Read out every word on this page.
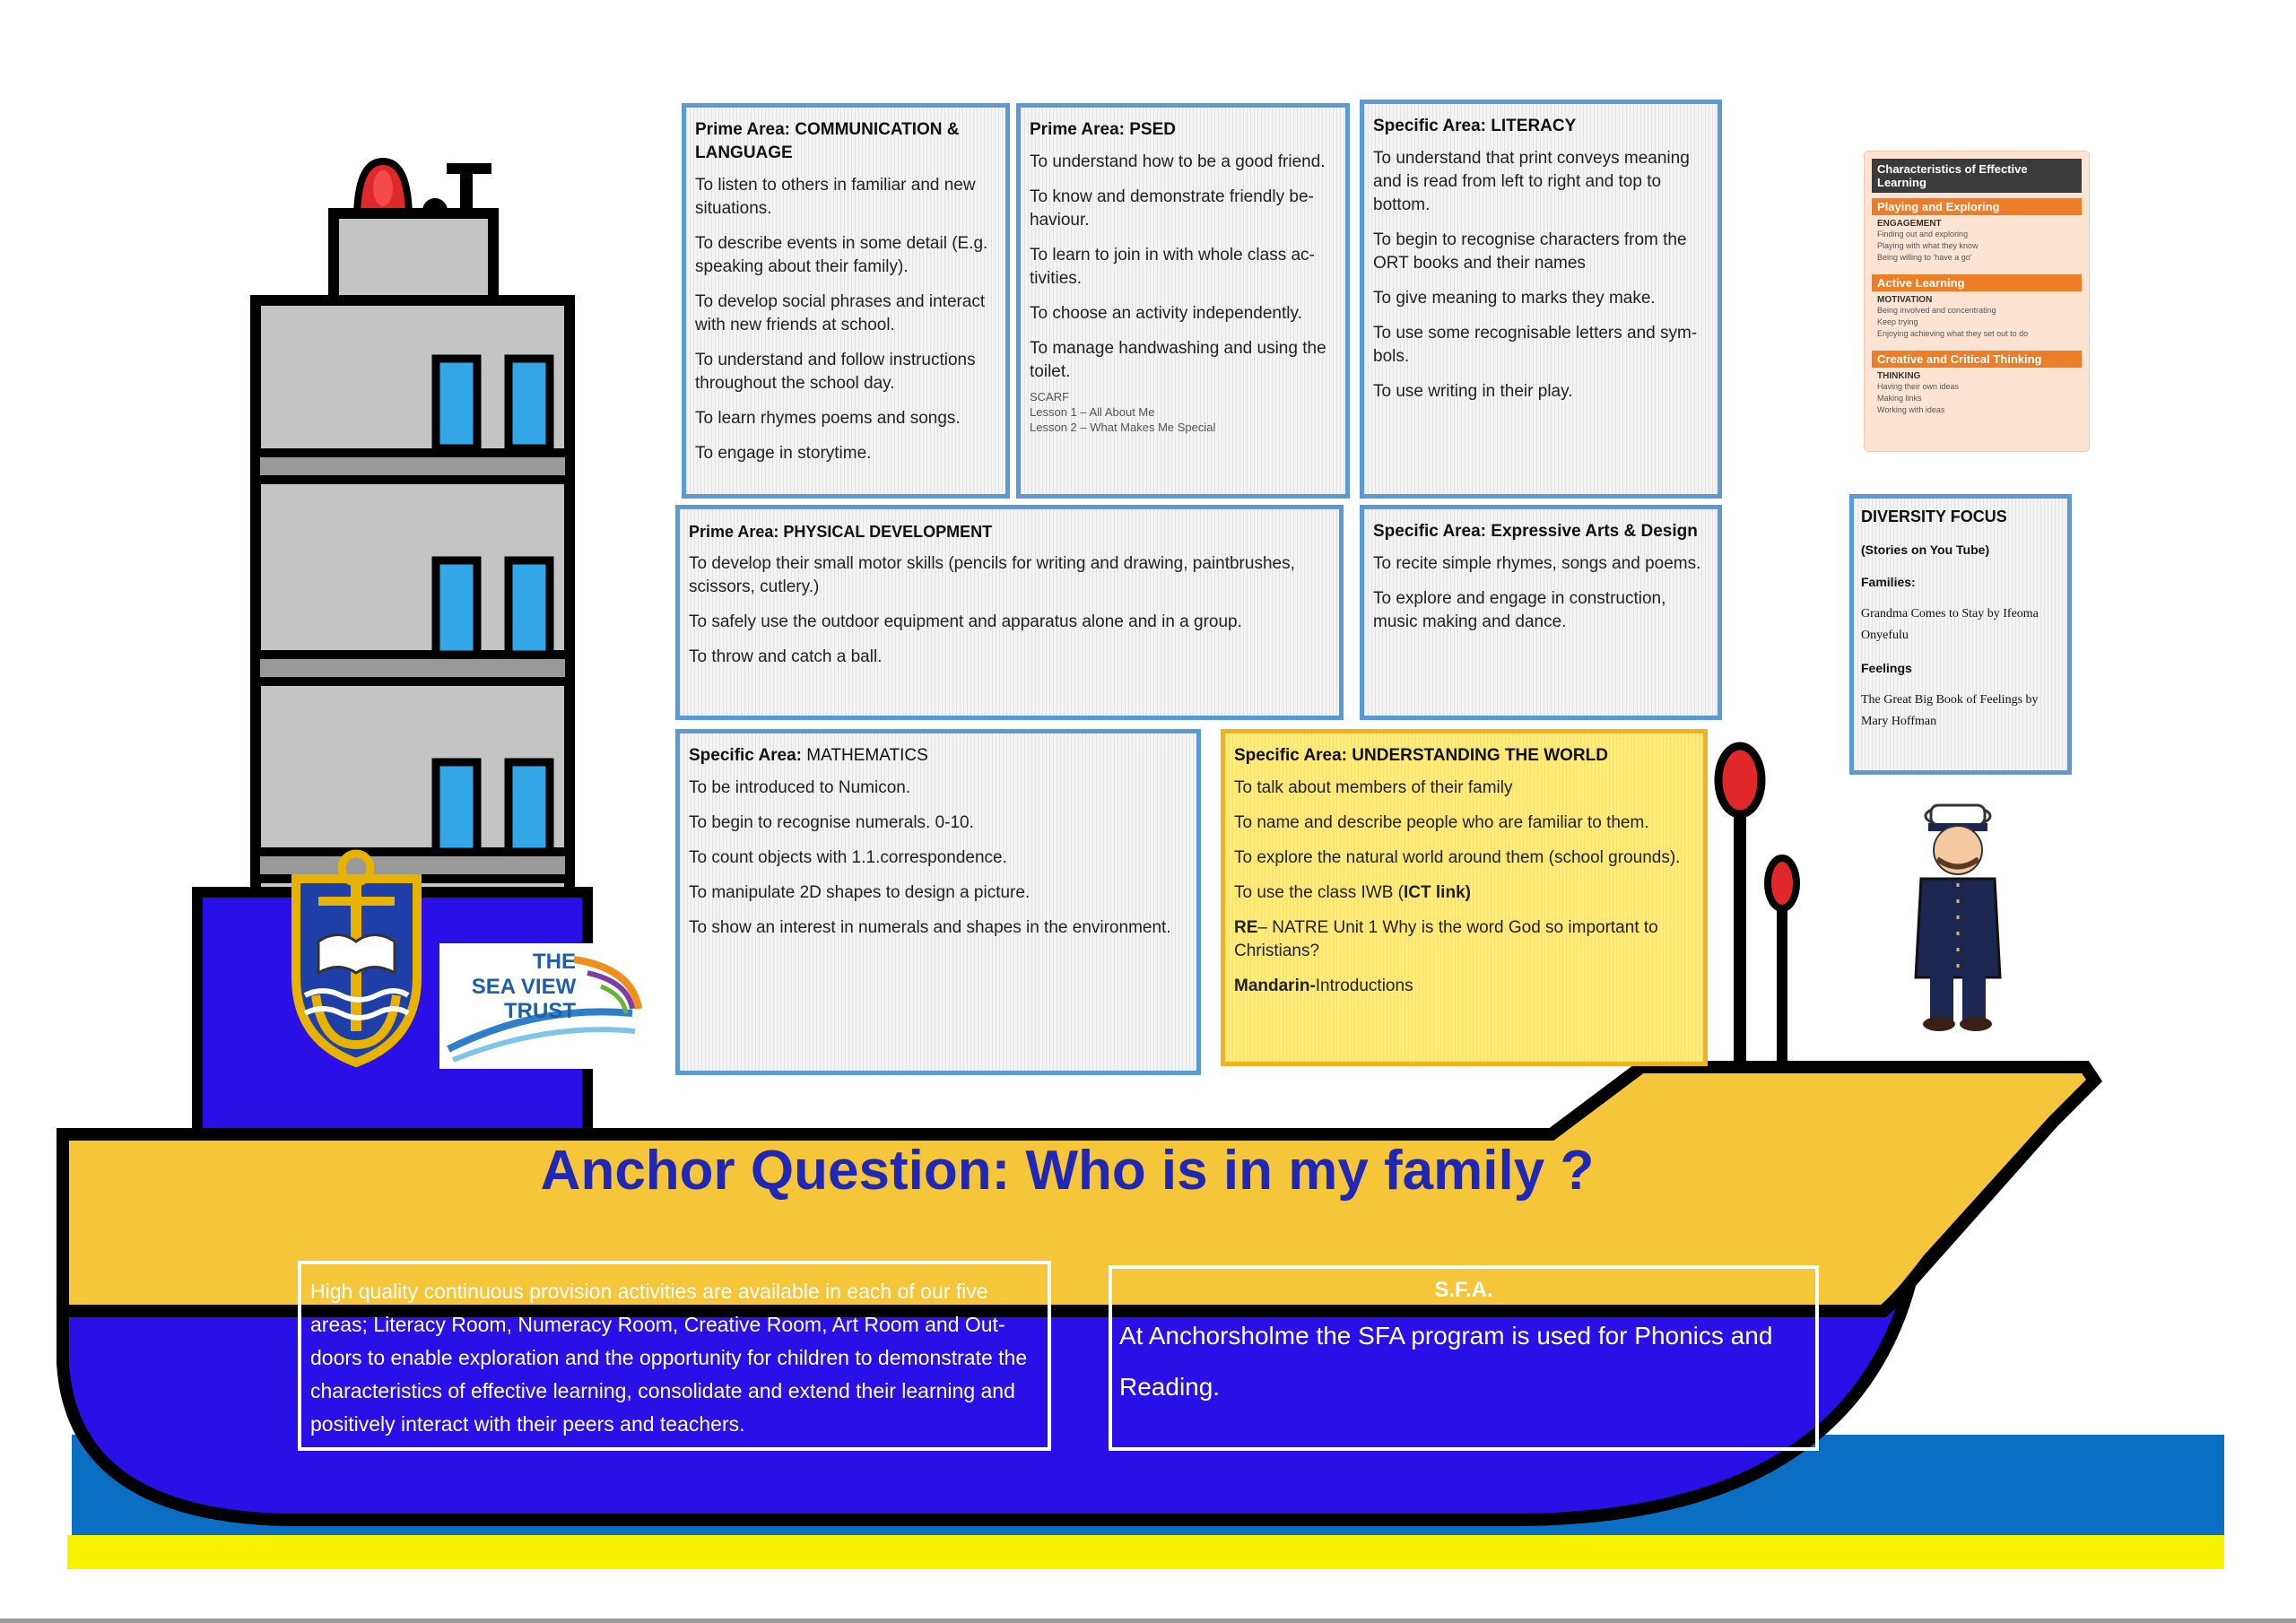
THE
SEA VIEW
TRUST
Prime Area: COMMUNICATION & LANGUAGE

To listen to others in familiar and new situations.

To describe events in some detail (E.g. speaking about their family).

To develop social phrases and interact with new friends at school.

To understand and follow instructions throughout the school day.

To learn rhymes poems and songs.

To engage in storytime.

Prime Area: PSED

To understand how to be a good friend.

To know and demonstrate friendly be-haviour.

To learn to join in with whole class ac-tivities.

To choose an activity independently.

To manage handwashing and using the toilet.

SCARF

Lesson 1 – All About Me

Lesson 2 – What Makes Me Special

Specific Area: LITERACY

To understand that print conveys meaning and is read from left to right and top to bottom.

To begin to recognise characters from the ORT books and their names

To give meaning to marks they make.

To use some recognisable letters and sym-bols.

To use writing in their play.

Prime Area: PHYSICAL DEVELOPMENT

To develop their small motor skills (pencils for writing and drawing, paintbrushes, scissors, cutlery.)

To safely use the outdoor equipment and apparatus alone and in a group.

To throw and catch a ball.

Specific Area: Expressive Arts & Design

To recite simple rhymes, songs and poems.

To explore and engage in construction, music making and dance.

Specific Area: MATHEMATICS

To be introduced to Numicon.

To begin to recognise numerals. 0-10.

To count objects with 1.1.correspondence.

To manipulate 2D shapes to design a picture.

To show an interest in numerals and shapes in the environment.

Specific Area: UNDERSTANDING THE WORLD

To talk about members of their family

To name and describe people who are familiar to them.

To explore the natural world around them (school grounds).

To use the class IWB (ICT link)

RE– NATRE Unit 1 Why is the word God so important to Christians?

Mandarin-Introductions

Characteristics of Effective Learning
Playing and Exploring
ENGAGEMENT
Finding out and exploring
Playing with what they know
Being willing to 'have a go'
Active Learning
MOTIVATION
Being involved and concentrating
Keep trying
Enjoying achieving what they set out to do
Creative and Critical Thinking
THINKING
Having their own ideas
Making links
Working with ideas
DIVERSITY FOCUS

(Stories on You Tube)

Families:

Grandma Comes to Stay by Ifeoma Onyefulu

Feelings

The Great Big Book of Feelings by Mary Hoffman

Anchor Question: Who is in my family ?
High quality continuous provision activities are available in each of our five areas; Literacy Room, Numeracy Room, Creative Room, Art Room and Out-doors to enable exploration and the opportunity for children to demonstrate the characteristics of effective learning, consolidate and extend their learning and positively interact with their peers and teachers.

S.F.A.

At Anchorsholme the SFA program is used for Phonics and Reading.
